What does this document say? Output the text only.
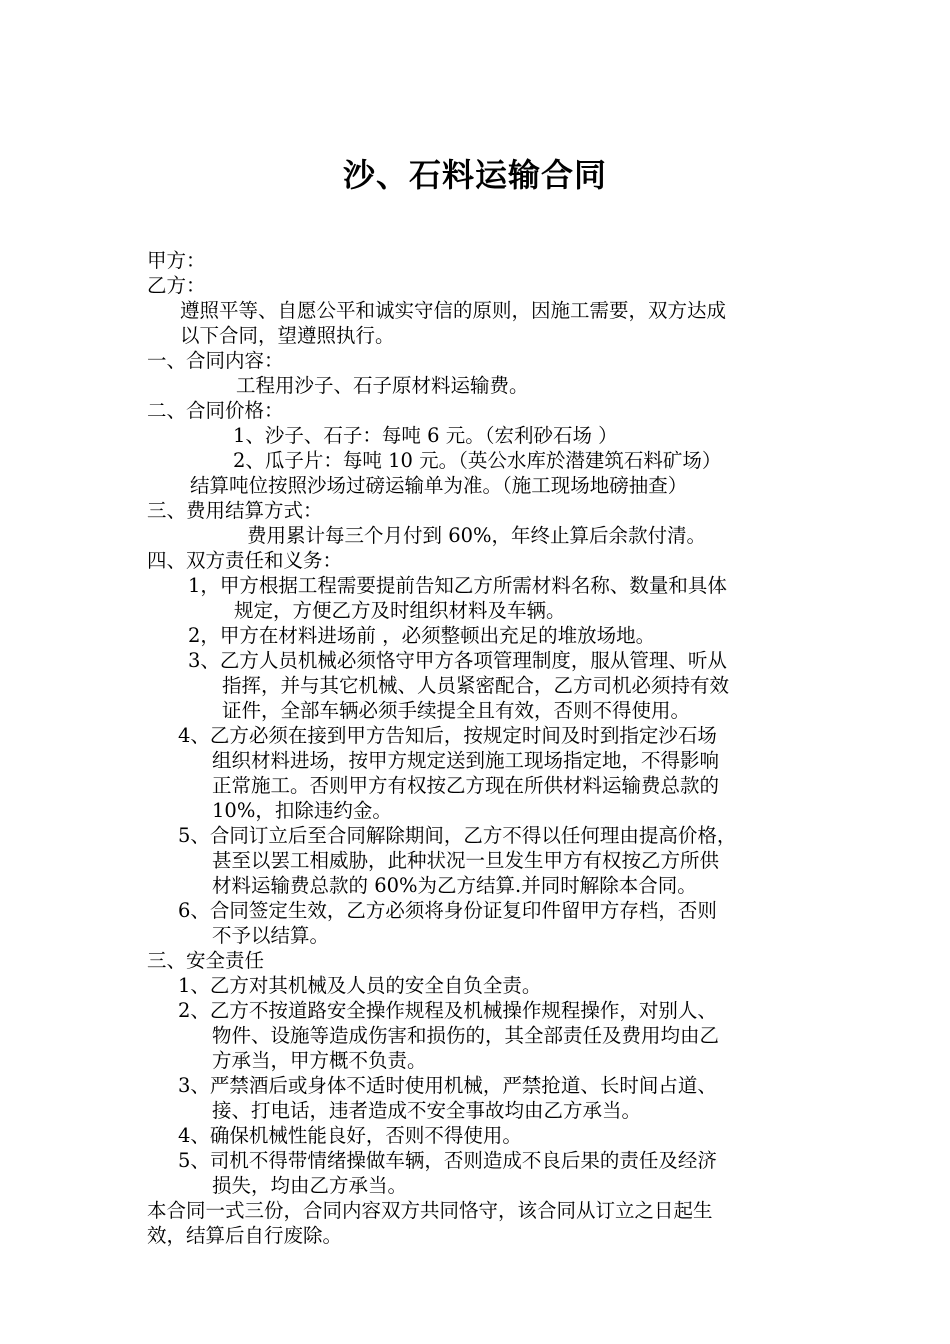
沙、石料运输合同
甲方：
乙方：
遵照平等、自愿公平和诚实守信的原则，因施工需要，双方达成
以下合同，望遵照执行。
一、合同内容：
工程用沙子、石子原材料运输费。
二、合同价格：
1、沙子、石子：每吨 6 元。（宏利砂石场 ）
2、瓜子片：每吨 10 元。（英公水库於潜建筑石料矿场）
结算吨位按照沙场过磅运输单为准。（施工现场地磅抽查）
三、费用结算方式：
费用累计每三个月付到 60%，年终止算后余款付清。
四、双方责任和义务：
1，甲方根据工程需要提前告知乙方所需材料名称、数量和具体
规定，方便乙方及时组织材料及车辆。
2，甲方在材料进场前 ，必须整顿出充足的堆放场地。
3、乙方人员机械必须恪守甲方各项管理制度，服从管理、听从
指挥，并与其它机械、人员紧密配合，乙方司机必须持有效
证件，全部车辆必须手续提全且有效，否则不得使用。
4、乙方必须在接到甲方告知后，按规定时间及时到指定沙石场
组织材料进场，按甲方规定送到施工现场指定地，不得影响
正常施工。否则甲方有权按乙方现在所供材料运输费总款的
10%，扣除违约金。
5、合同订立后至合同解除期间，乙方不得以任何理由提高价格，
甚至以罢工相威胁，此种状况一旦发生甲方有权按乙方所供
材料运输费总款的 60%为乙方结算.并同时解除本合同。
6、合同签定生效，乙方必须将身份证复印件留甲方存档，否则
不予以结算。
三、安全责任
1、乙方对其机械及人员的安全自负全责。
2、乙方不按道路安全操作规程及机械操作规程操作，对别人、
物件、设施等造成伤害和损伤的，其全部责任及费用均由乙
方承当，甲方概不负责。
3、严禁酒后或身体不适时使用机械，严禁抢道、长时间占道、
接、打电话，违者造成不安全事故均由乙方承当。
4、确保机械性能良好，否则不得使用。
5、司机不得带情绪操做车辆，否则造成不良后果的责任及经济
损失，均由乙方承当。
本合同一式三份，合同内容双方共同恪守，该合同从订立之日起生
效，结算后自行废除。
